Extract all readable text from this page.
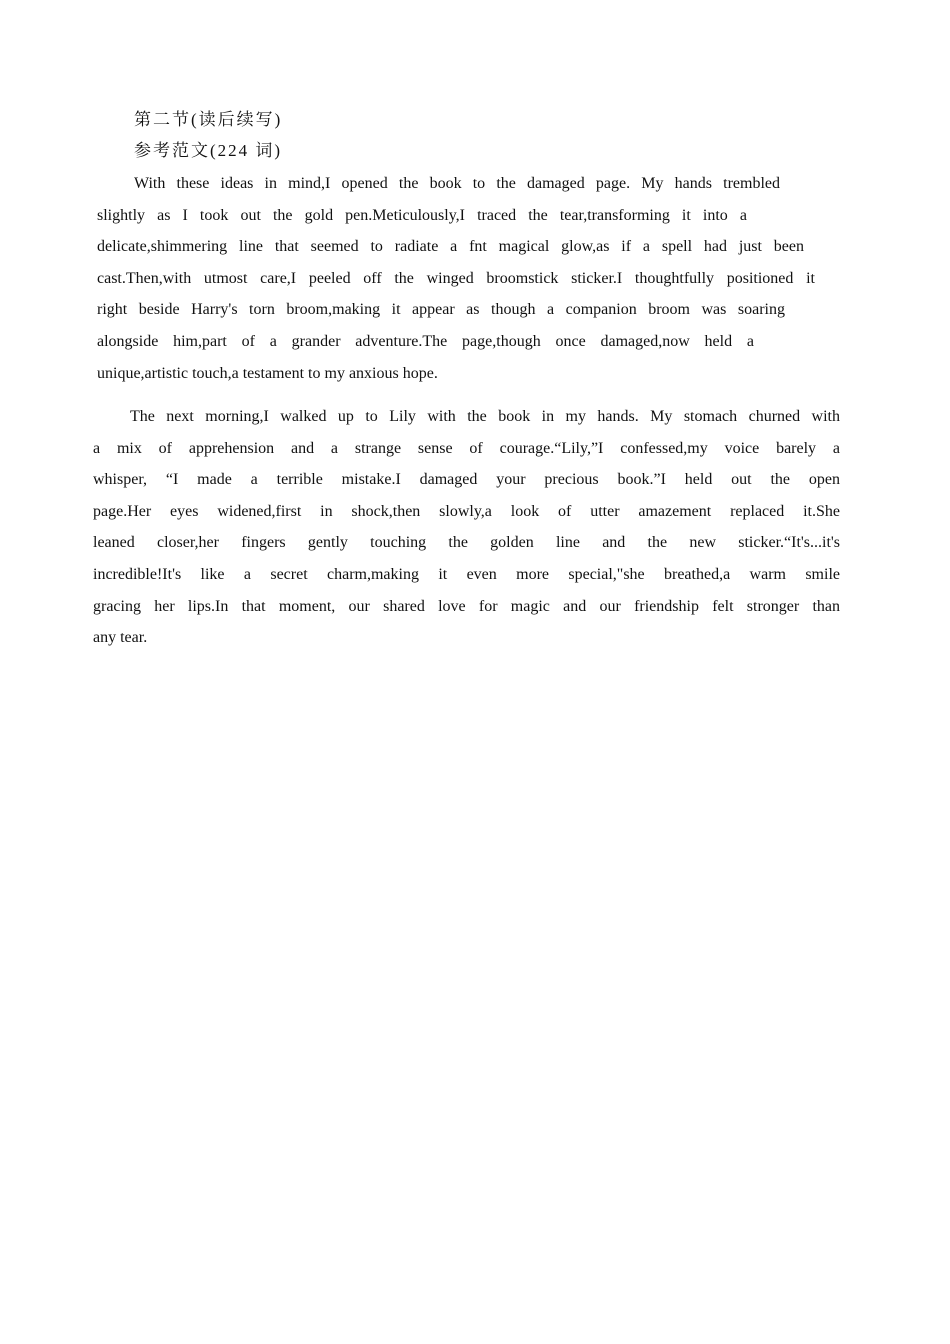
第二节(读后续写)
参考范文(224 词)
With these ideas in mind,I opened the book to the damaged page. My hands trembled
slightly as I took out the gold pen.Meticulously,I traced the tear,transforming it into a
delicate,shimmering line that seemed to radiate a fnt magical glow,as if a spell had just been
cast.Then,with utmost care,I peeled off the winged broomstick sticker.I thoughtfully positioned it
right beside Harry's torn broom,making it appear as though a companion broom was soaring
alongside him,part of a grander adventure.The page,though once damaged,now held a
unique,artistic touch,a testament to my anxious hope.
The next morning,I walked up to Lily with the book in my hands. My stomach churned with
a mix of apprehension and a strange sense of courage.“Lily,”I confessed,my voice barely a
whisper, “I made a terrible mistake.I damaged your precious book.”I held out the open
page.Her eyes widened,first in shock,then slowly,a look of utter amazement replaced it.She
leaned closer,her fingers gently touching the golden line and the new sticker.“It's...it's
incredible!It's like a secret charm,making it even more special,"she breathed,a warm smile
gracing her lips.In that moment, our shared love for magic and our friendship felt stronger than
any tear.
